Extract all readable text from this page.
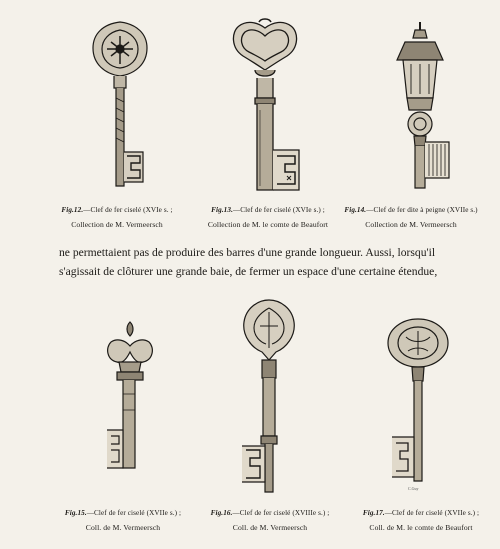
Fig.12.—Clef de fer ciselé (XVIe s. ;
Collection de M. Vermeersch
Fig.13.—Clef de fer ciselé (XVIe s.) ;
Collection de M. le comte de Beaufort
Fig.14.—Clef de fer dite à peigne (XVIIe s.)
Collection de M. Vermeersch
ne permettaient pas de produire des barres d'une grande longueur. Aussi, lorsqu'il
s'agissait de clôturer une grande baie, de fermer un espace d'une certaine étendue,
Fig.15.—Clef de fer ciselé (XVIIe s.) ;
Coll. de M. Vermeersch
Fig.16.—Clef de fer ciselé (XVIIIe s.) ;
Coll. de M. Vermeersch
C.Guy
Fig.17.—Clef de fer ciselé (XVIIe s.) ;
Coll. de M. le comte de Beaufort
